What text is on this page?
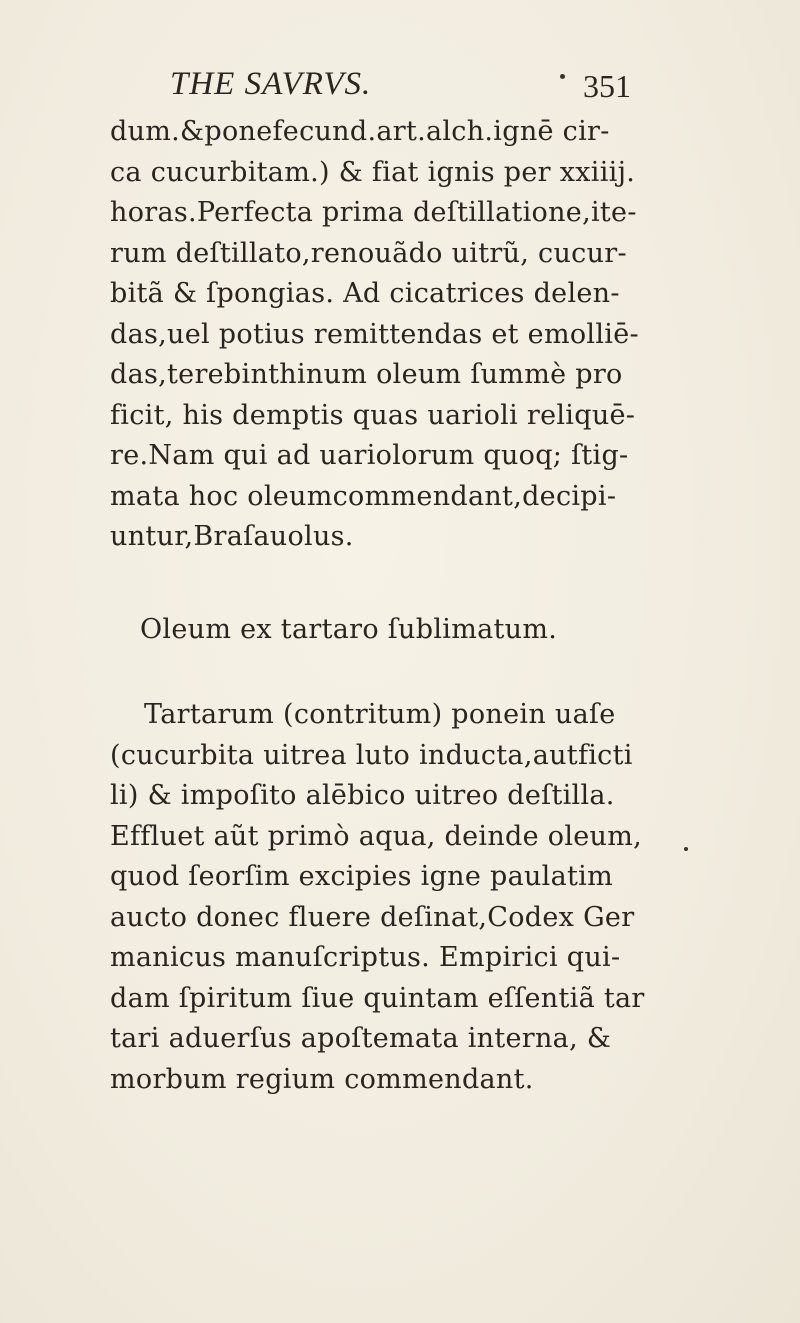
THE SAVRVS.	351
dum.&ponefecund.art.alch.ignē cir-
ca cucurbitam.) & fiat ignis per xxiiij.
horas.Perfecta prima deſtillatione,ite-
rum deſtillato,renouãdo uitrũ, cucur-
bitã & ſpongias. Ad cicatrices delen-
das,uel potius remittendas et emolliē-
das,terebinthinum oleum ſummè pro
ficit, his demptis quas uarioli reliquē-
re.Nam qui ad uariolorum quoq; ſtig-
mata hoc oleumcommendant,decipi-
untur,Braſauolus.
Oleum ex tartaro ſublimatum.
Tartarum (contritum) ponein uaſe
(cucurbita uitrea luto inducta,autficti
li) & impoſito alēbico uitreo deſtilla.
Effluet aũt primò aqua, deinde oleum,
quod ſeorſim excipies igne paulatim
aucto donec fluere deſinat,Codex Ger
manicus manuſcriptus. Empirici qui-
dam ſpiritum ſiue quintam eſſentiã tar
tari aduerſus apoſtemata interna, &
morbum regium commendant.
